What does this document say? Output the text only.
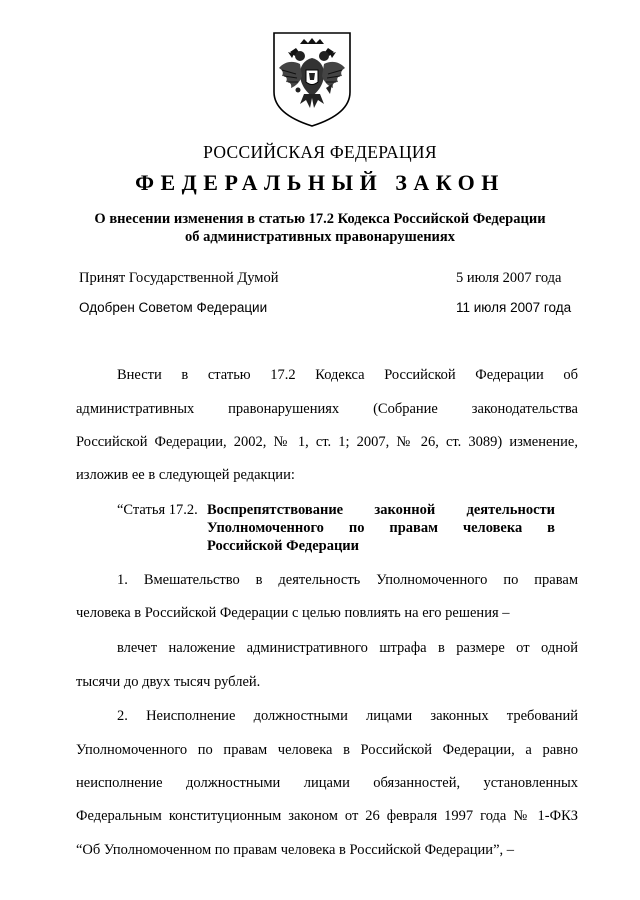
РОССИЙСКАЯ ФЕДЕРАЦИЯ
ФЕДЕРАЛЬНЫЙ ЗАКОН
О внесении изменения в статью 17.2 Кодекса Российской Федерации
об административных правонарушениях
Принят Государственной Думой	5 июля 2007 года
Одобрен Советом Федерации	11 июля 2007 года
Внести в статью 17.2 Кодекса Российской Федерации об
административных правонарушениях (Собрание законодательства
Российской Федерации, 2002, № 1, ст. 1; 2007, № 26, ст. 3089) изменение,
изложив ее в следующей редакции:
“Статья 17.2. Воспрепятствование законной деятельности
Уполномоченного по правам человека в
Российской Федерации
1. Вмешательство в деятельность Уполномоченного по правам
человека в Российской Федерации с целью повлиять на его решения –
влечет наложение административного штрафа в размере от одной
тысячи до двух тысяч рублей.
2. Неисполнение должностными лицами законных требований
Уполномоченного по правам человека в Российской Федерации, а равно
неисполнение должностными лицами обязанностей, установленных
Федеральным конституционным законом от 26 февраля 1997 года № 1-ФКЗ
“Об Уполномоченном по правам человека в Российской Федерации”, –
